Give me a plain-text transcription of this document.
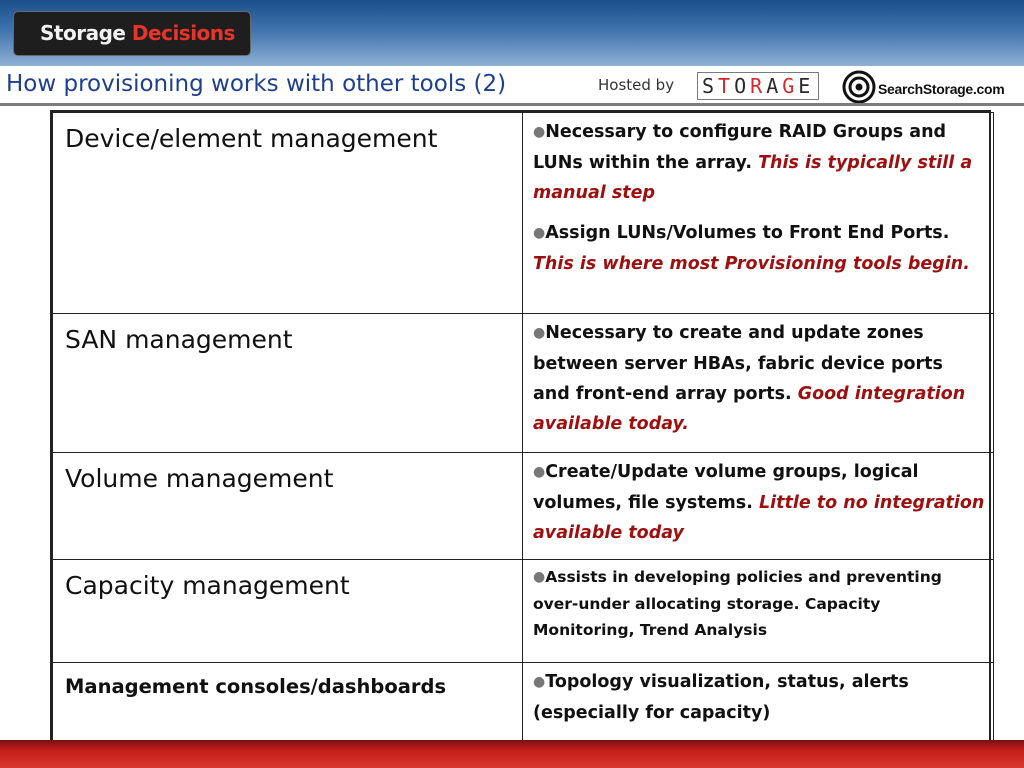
Storage Decisions
How provisioning works with other tools (2)	Hosted by STORAGE	SearchStorage.com
Device/element management	●Necessary to configure RAID Groups and LUNs within the array. This is typically still a manual step
●Assign LUNs/Volumes to Front End Ports. This is where most Provisioning tools begin.

SAN management	●Necessary to create and update zones between server HBAs, fabric device ports and front-end array ports. Good integration available today.

Volume management	●Create/Update volume groups, logical volumes, file systems. Little to no integration available today

Capacity management	●Assists in developing policies and preventing over-under allocating storage. Capacity Monitoring, Trend Analysis

Management consoles/dashboards	●Topology visualization, status, alerts (especially for capacity)
